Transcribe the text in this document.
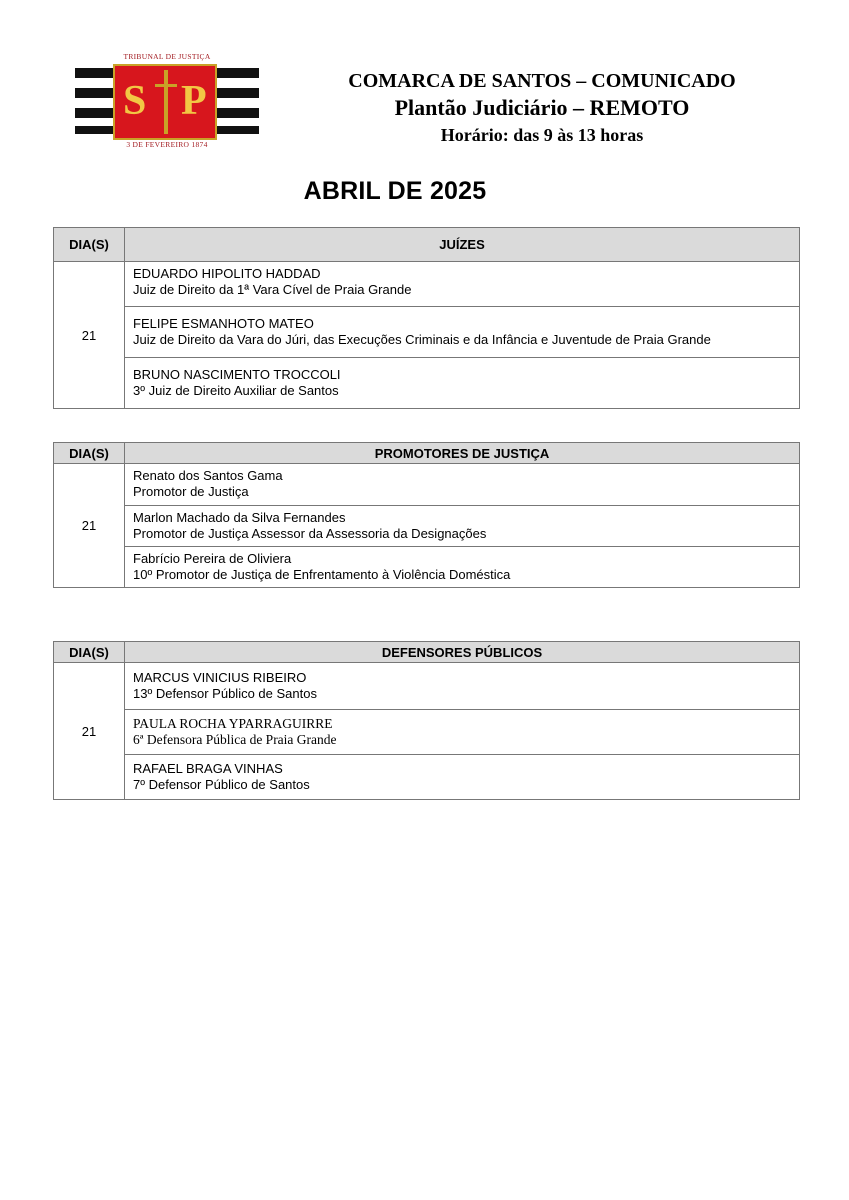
TRIBUNAL DE JUSTIÇA
S P
3 DE FEVEREIRO 1874
COMARCA DE SANTOS – COMUNICADO
Plantão Judiciário – REMOTO
Horário: das 9 às 13 horas
ABRIL DE 2025
DIA(S)	JUÍZES
21	EDUARDO HIPOLITO HADDAD
Juiz de Direito da 1ª Vara Cível de Praia Grande

	FELIPE ESMANHOTO MATEO
Juiz de Direito da Vara do Júri, das Execuções Criminais e da Infância e Juventude de Praia Grande

	BRUNO NASCIMENTO TROCCOLI
3º Juiz de Direito Auxiliar de Santos
DIA(S)	PROMOTORES DE JUSTIÇA
21	Renato dos Santos Gama
Promotor de Justiça

	Marlon Machado da Silva Fernandes
Promotor de Justiça Assessor da Assessoria da Designações

	Fabrício Pereira de Oliviera
10º Promotor de Justiça de Enfrentamento à Violência Doméstica
DIA(S)	DEFENSORES PÚBLICOS
21	MARCUS VINICIUS RIBEIRO
13º Defensor Público de Santos

	PAULA ROCHA YPARRAGUIRRE
6ª Defensora Pública de Praia Grande

	RAFAEL BRAGA VINHAS
7º Defensor Público de Santos
